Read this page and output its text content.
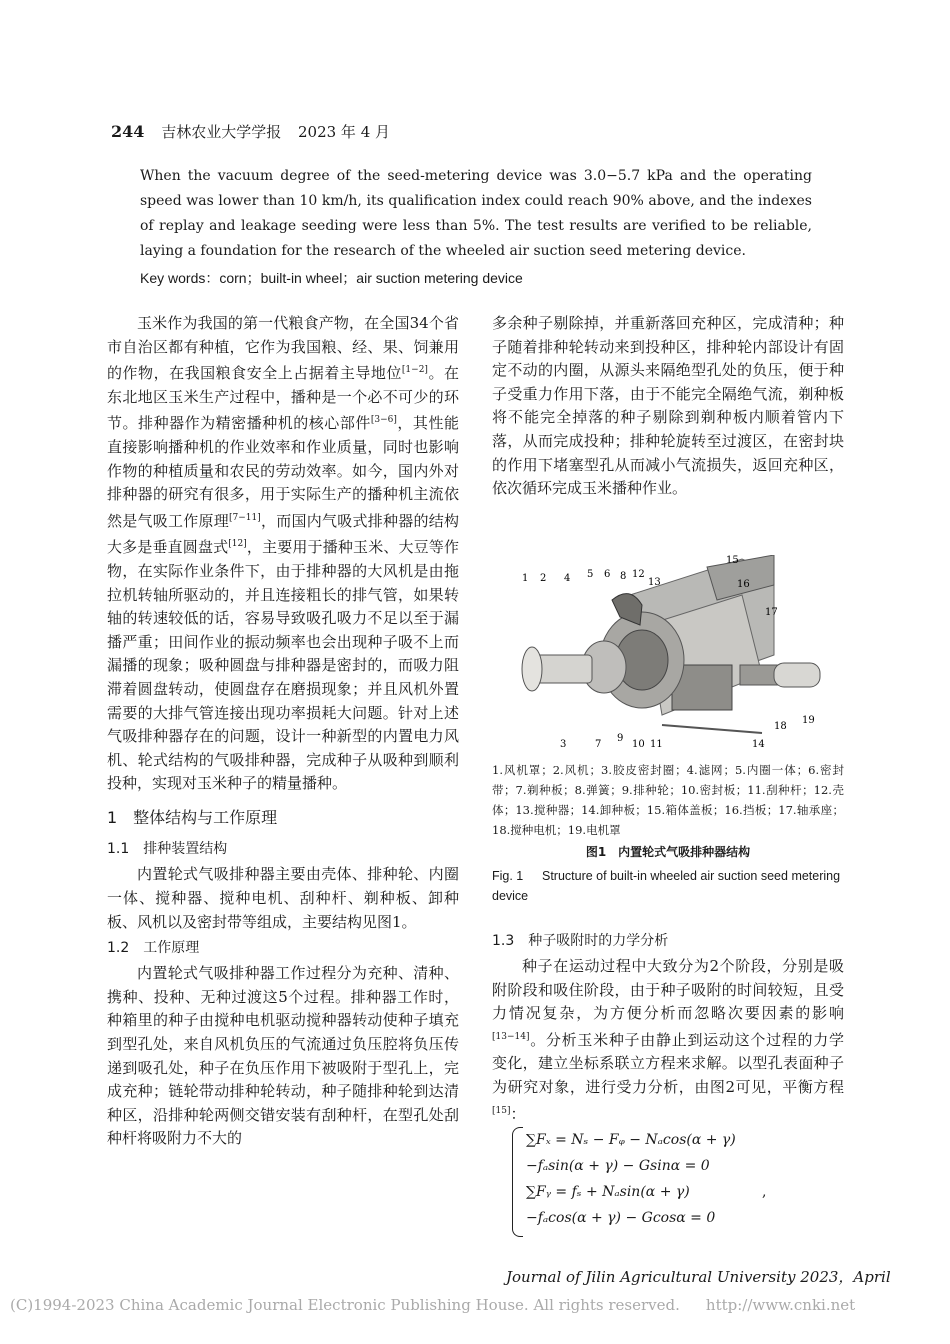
244 吉林农业大学学报 2023 年 4 月
When the vacuum degree of the seed-metering device was 3.0−5.7 kPa and the operating speed was lower than 10 km/h, its qualification index could reach 90% above, and the indexes of replay and leakage seeding were less than 5%. The test results are verified to be reliable, laying a foundation for the research of the wheeled air suction seed metering device.
Key words：corn；built-in wheel；air suction metering device

玉米作为我国的第一代粮食产物，在全国34个省市自治区都有种植，它作为我国粮、经、果、饲兼用的作物，在我国粮食安全上占据着主导地位[1−2]。在东北地区玉米生产过程中，播种是一个必不可少的环节。排种器作为精密播种机的核心部件[3−6]，其性能直接影响播种机的作业效率和作业质量，同时也影响作物的种植质量和农民的劳动效率。如今，国内外对排种器的研究有很多，用于实际生产的播种机主流依然是气吸工作原理[7−11]，而国内气吸式排种器的结构大多是垂直圆盘式[12]，主要用于播种玉米、大豆等作物，在实际作业条件下，由于排种器的大风机是由拖拉机转轴所驱动的，并且连接粗长的排气管，如果转轴的转速较低的话，容易导致吸孔吸力不足以至于漏播严重；田间作业的振动频率也会出现种子吸不上而漏播的现象；吸种圆盘与排种器是密封的，而吸力阻滞着圆盘转动，使圆盘存在磨损现象；并且风机外置需要的大排气管连接出现功率损耗大问题。针对上述气吸排种器存在的问题，设计一种新型的内置电力风机、轮式结构的气吸排种器，完成种子从吸种到顺利投种，实现对玉米种子的精量播种。

1　整体结构与工作原理
1.1　排种装置结构

内置轮式气吸排种器主要由壳体、排种轮、内圈一体、搅种器、搅种电机、刮种杆、剃种板、卸种板、风机以及密封带等组成，主要结构见图1。

1.2　工作原理

内置轮式气吸排种器工作过程分为充种、清种、携种、投种、无种过渡这5个过程。排种器工作时，种箱里的种子由搅种电机驱动搅种器转动使种子填充到型孔处，来自风机负压的气流通过负压腔将负压传递到吸孔处，种子在负压作用下被吸附于型孔上，完成充种；链轮带动排种轮转动，种子随排种轮到达清种区，沿排种轮两侧交错安装有刮种杆，在型孔处刮种杆将吸附力不大的

多余种子剔除掉，并重新落回充种区，完成清种；种子随着排种轮转动来到投种区，排种轮内部设计有固定不动的内圈，从源头来隔绝型孔处的负压，便于种子受重力作用下落，由于不能完全隔绝气流，剃种板将不能完全掉落的种子剔除到剃种板内顺着管内下落，从而完成投种；排种轮旋转至过渡区，在密封块的作用下堵塞型孔从而减小气流损失，返回充种区，依次循环完成玉米播种作业。

1 2
3
4 5 6
7
8
9
10 11
12
13
14
15
16
17
18
19
1.风机罩；2.风机；3.胶皮密封圈；4.滤网；5.内圈一体；6.密封带；7.剃种板；8.弹簧；9.排种轮；10.密封板；11.刮种杆；12.壳体；13.搅种器；14.卸种板；15.箱体盖板；16.挡板；17.轴承座；18.搅种电机；19.电机罩
图1　内置轮式气吸排种器结构
Fig. 1 Structure of built-in wheeled air suction seed metering device
1.3　种子吸附时的力学分析

种子在运动过程中大致分为2个阶段，分别是吸附阶段和吸住阶段，由于种子吸附的时间较短，且受力情况复杂，为方便分析而忽略次要因素的影响[13−14]。分析玉米种子由静止到运动这个过程的力学变化，建立坐标系联立方程来求解。以型孔表面种子为研究对象，进行受力分析，由图2可见，平衡方程[15]：

∑Fₓ = Nₛ − Fᵩ − Nₐcos(α + γ)
−fₐsin(α + γ) − Gsinα = 0
∑Fᵧ = fₛ + Nₐsin(α + γ)
−fₐcos(α + γ) − Gcosα = 0
,
Journal of Jilin Agricultural University 2023，April
(C)1994-2023 China Academic Journal Electronic Publishing House. All rights reserved. http://www.cnki.net
